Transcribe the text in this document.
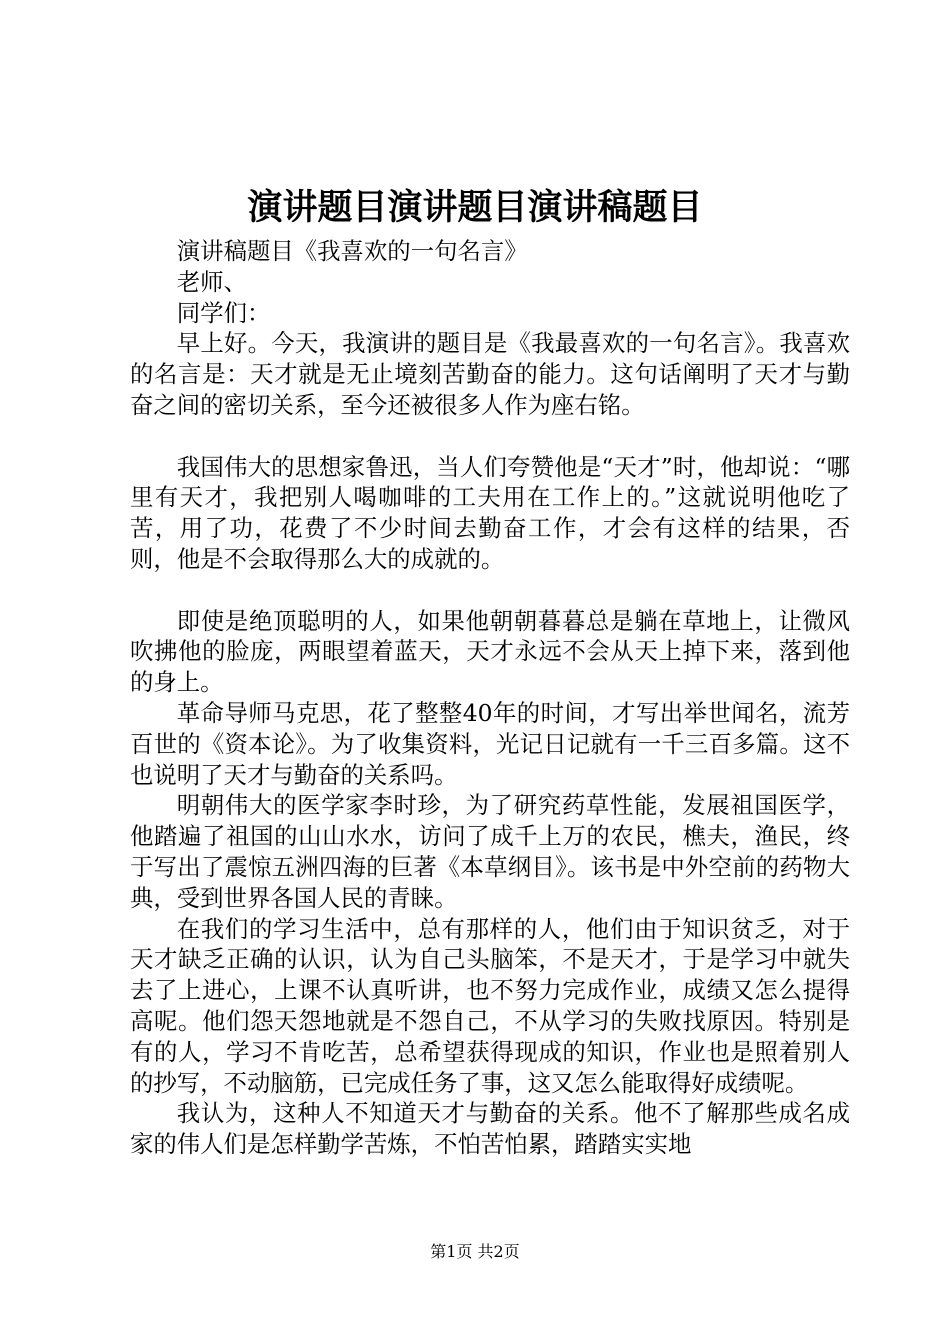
演讲题目演讲题目演讲稿题目

演讲稿题目《我喜欢的一句名言》

老师、

同学们：

早上好。今天，我演讲的题目是《我最喜欢的一句名言》。我喜欢的名言是：天才就是无止境刻苦勤奋的能力。这句话阐明了天才与勤奋之间的密切关系，至今还被很多人作为座右铭。

我国伟大的思想家鲁迅，当人们夸赞他是“天才”时，他却说：“哪里有天才，我把别人喝咖啡的工夫用在工作上的。”这就说明他吃了苦，用了功，花费了不少时间去勤奋工作，才会有这样的结果，否则，他是不会取得那么大的成就的。

即使是绝顶聪明的人，如果他朝朝暮暮总是躺在草地上，让微风吹拂他的脸庞，两眼望着蓝天，天才永远不会从天上掉下来，落到他的身上。

革命导师马克思，花了整整40年的时间，才写出举世闻名，流芳百世的《资本论》。为了收集资料，光记日记就有一千三百多篇。这不也说明了天才与勤奋的关系吗。

明朝伟大的医学家李时珍，为了研究药草性能，发展祖国医学，他踏遍了祖国的山山水水，访问了成千上万的农民，樵夫，渔民，终于写出了震惊五洲四海的巨著《本草纲目》。该书是中外空前的药物大典，受到世界各国人民的青睐。

在我们的学习生活中，总有那样的人，他们由于知识贫乏，对于天才缺乏正确的认识，认为自己头脑笨，不是天才，于是学习中就失去了上进心，上课不认真听讲，也不努力完成作业，成绩又怎么提得高呢。他们怨天怨地就是不怨自己，不从学习的失败找原因。特别是有的人，学习不肯吃苦，总希望获得现成的知识，作业也是照着别人的抄写，不动脑筋，已完成任务了事，这又怎么能取得好成绩呢。

我认为，这种人不知道天才与勤奋的关系。他不了解那些成名成家的伟人们是怎样勤学苦炼，不怕苦怕累，踏踏实实地

第1页 共2页
